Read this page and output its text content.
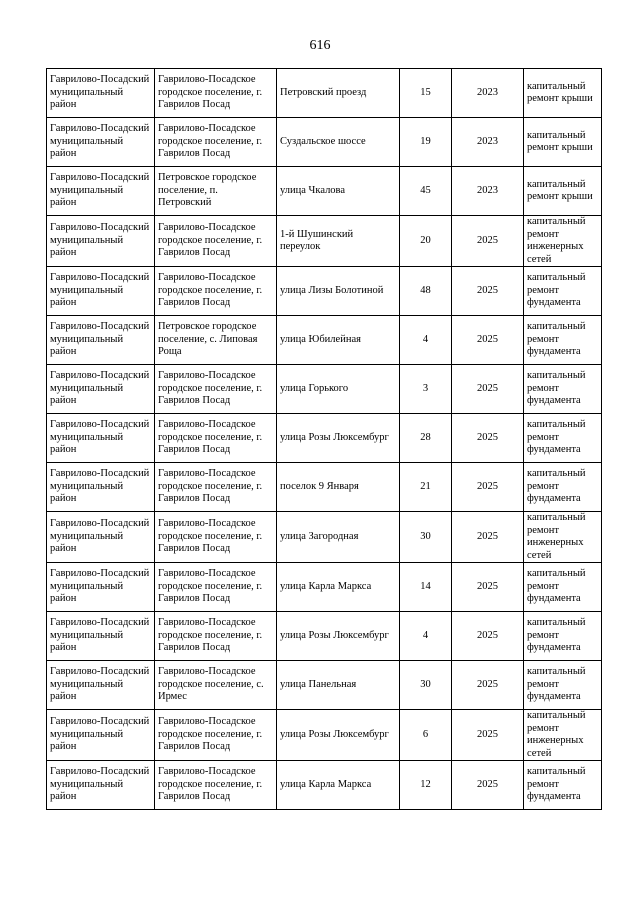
616
Гаврилово-Посадский муниципальный район	Гаврилово-Посадское городское поселение, г. Гаврилов Посад	Петровский проезд	15	2023	капитальный ремонт крыши
Гаврилово-Посадский муниципальный район	Гаврилово-Посадское городское поселение, г. Гаврилов Посад	Суздальское шоссе	19	2023	капитальный ремонт крыши
Гаврилово-Посадский муниципальный район	Петровское городское поселение, п. Петровский	улица Чкалова	45	2023	капитальный ремонт крыши
Гаврилово-Посадский муниципальный район	Гаврилово-Посадское городское поселение, г. Гаврилов Посад	1-й Шушинский переулок	20	2025	капитальный ремонт инженерных сетей
Гаврилово-Посадский муниципальный район	Гаврилово-Посадское городское поселение, г. Гаврилов Посад	улица Лизы Болотиной	48	2025	капитальный ремонт фундамента
Гаврилово-Посадский муниципальный район	Петровское городское поселение, с. Липовая Роща	улица Юбилейная	4	2025	капитальный ремонт фундамента
Гаврилово-Посадский муниципальный район	Гаврилово-Посадское городское поселение, г. Гаврилов Посад	улица Горького	3	2025	капитальный ремонт фундамента
Гаврилово-Посадский муниципальный район	Гаврилово-Посадское городское поселение, г. Гаврилов Посад	улица Розы Люксембург	28	2025	капитальный ремонт фундамента
Гаврилово-Посадский муниципальный район	Гаврилово-Посадское городское поселение, г. Гаврилов Посад	поселок 9 Января	21	2025	капитальный ремонт фундамента
Гаврилово-Посадский муниципальный район	Гаврилово-Посадское городское поселение, г. Гаврилов Посад	улица Загородная	30	2025	капитальный ремонт инженерных сетей
Гаврилово-Посадский муниципальный район	Гаврилово-Посадское городское поселение, г. Гаврилов Посад	улица Карла Маркса	14	2025	капитальный ремонт фундамента
Гаврилово-Посадский муниципальный район	Гаврилово-Посадское городское поселение, г. Гаврилов Посад	улица Розы Люксембург	4	2025	капитальный ремонт фундамента
Гаврилово-Посадский муниципальный район	Гаврилово-Посадское городское поселение, с. Ирмес	улица Панельная	30	2025	капитальный ремонт фундамента
Гаврилово-Посадский муниципальный район	Гаврилово-Посадское городское поселение, г. Гаврилов Посад	улица Розы Люксембург	6	2025	капитальный ремонт инженерных сетей
Гаврилово-Посадский муниципальный район	Гаврилово-Посадское городское поселение, г. Гаврилов Посад	улица Карла Маркса	12	2025	капитальный ремонт фундамента
